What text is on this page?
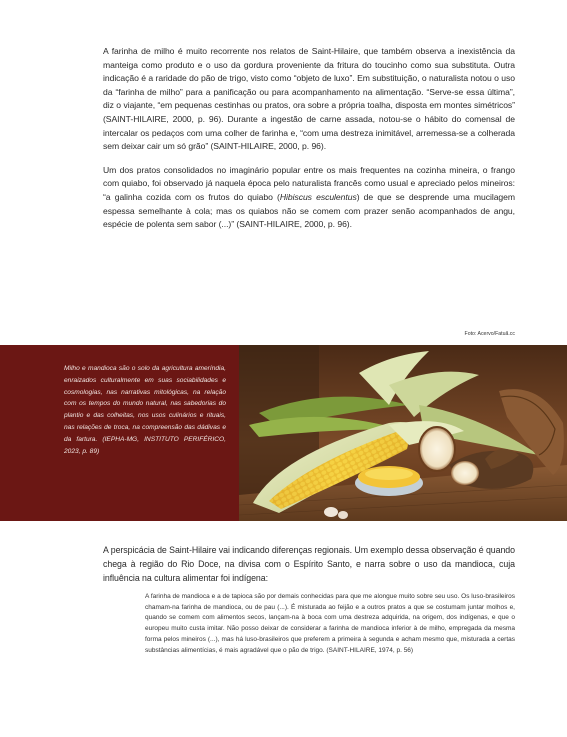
A farinha de milho é muito recorrente nos relatos de Saint-Hilaire, que também observa a inexistência da manteiga como produto e o uso da gordura proveniente da fritura do toucinho como sua substituta. Outra indicação é a raridade do pão de trigo, visto como “objeto de luxo”. Em substituição, o naturalista notou o uso da “farinha de milho” para a panificação ou para acompanhamento na alimentação. “Serve-se essa última”, diz o viajante, “em pequenas cestinhas ou pratos, ora sobre a própria toalha, disposta em montes simétricos” (SAINT-HILAIRE, 2000, p. 96). Durante a ingestão de carne assada, notou-se o hábito do comensal de intercalar os pedaços com uma colher de farinha e, “com uma destreza inimitável, arremessa-se a colherada sem deixar cair um só grão” (SAINT-HILAIRE, 2000, p. 96).

Um dos pratos consolidados no imaginário popular entre os mais frequentes na cozinha mineira, o frango com quiabo, foi observado já naquela época pelo naturalista francês como usual e apreciado pelos mineiros: “a galinha cozida com os frutos do quiabo (Hibiscus esculentus) de que se desprende uma mucilagem espessa semelhante à cola; mas os quiabos não se comem com prazer senão acompanhados de angu, espécie de polenta sem sabor (...)” (SAINT-HILAIRE, 2000, p. 96).

Foto: Acervo/Fatuã.cc
Milho e mandioca são o solo da agricultura ameríndia, enraizados culturalmente em suas sociabilidades e cosmologias, nas narrativas mitológicas, na relação com os tempos do mundo natural, nas sabedorias do plantio e das colheitas, nos usos culinários e rituais, nas relações de troca, na compreensão das dádivas e da fartura. (IEPHA-MG, INSTITUTO PERIFÉRICO, 2023, p. 89)

A perspicácia de Saint-Hilaire vai indicando diferenças regionais. Um exemplo dessa observação é quando chega à região do Rio Doce, na divisa com o Espírito Santo, e narra sobre o uso da mandioca, cuja influência na cultura alimentar foi indígena:

A farinha de mandioca e a de tapioca são por demais conhecidas para que me alongue muito sobre seu uso. Os luso-brasileiros chamam-na farinha de mandioca, ou de pau (...). É misturada ao feijão e a outros pratos a que se costumam juntar molhos e, quando se comem com alimentos secos, lançam-na à boca com uma destreza adquirida, na origem, dos indígenas, e que o europeu muito custa imitar. Não posso deixar de considerar a farinha de mandioca inferior à de milho, empregada da mesma forma pelos mineiros (...), mas há luso-brasileiros que preferem a primeira à segunda e acham mesmo que, misturada a certas substâncias alimentícias, é mais agradável que o pão de trigo. (SAINT-HILAIRE, 1974, p. 56)
